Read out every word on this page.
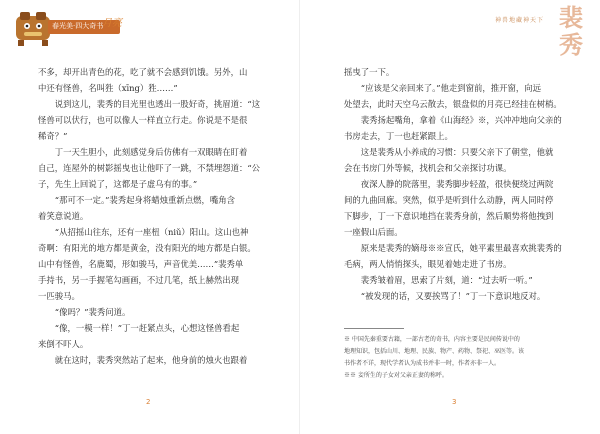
春光美·四大奇书
月亮

不多，却开出青色的花，吃了就不会感到饥饿。另外，山

中还有怪兽，名叫狌（xīng）狌……”

说到这儿，裴秀的目光里也透出一股好奇，挑眉道：“这

怪兽可以伏行，也可以像人一样直立行走。你说是不是很

稀奇？”

丁一天生胆小，此刻感觉身后仿佛有一双眼睛在盯着

自己，连屋外的树影摇曳也让他吓了一跳，不禁埋怨道：“公

子，先生上回说了，这都是子虚乌有的事。”

“那可不一定。”裴秀起身将蜡烛重新点燃，嘴角含

着笑意说道。

“从招摇山往东，还有一座杻（niǔ）阳山。这山也神

奇啊：有阳光的地方都是黄金，没有阳光的地方都是白银。

山中有怪兽，名鹿蜀，形如骏马，声音优美……”裴秀单

手持书，另一手握笔勾画画，不过几笔，纸上赫然出现

一匹骏马。

“像吗？”裴秀问道。

“像，一模一样！”丁一赶紧点头，心想这怪兽看起

来倒不吓人。

就在这时，裴秀突然站了起来，他身前的烛火也跟着

2
神兽地藏神天下 裴秀

摇曳了一下。

“应该是父亲回来了。”他走到窗前，推开窗，向远

处望去，此时天空乌云散去，银盘似的月亮已经挂在树梢。

裴秀扬起嘴角，拿着《山海经》※，兴冲冲地向父亲的

书房走去，丁一也赶紧跟上。

这是裴秀从小养成的习惯：只要父亲下了朝堂，他就

会在书房门外等候，找机会和父亲探讨功课。

夜深人静的院落里，裴秀脚步轻盈，很快便绕过两院

间的九曲回廊。突然，似乎是听到什么动静，两人同时停

下脚步，丁一下意识地挡在裴秀身前，然后顺势将他拽到

一座假山后面。

原来是裴秀的嫡母※※宣氏，她平素里最喜欢挑裴秀的

毛病，两人悄悄探头，眼见着她走进了书房。

裴秀皱着眉，思索了片刻，道：“过去听一听。”

“被发现的话，又要挨骂了！”丁一下意识地反对。

※ 中国先秦重要古籍，一部古老的奇书，内容主要是民间传说中的

地理知识，包括山川、地理、民族、物产、药物、祭祀、巫医等。该

书作者不详，现代学者认为成书并非一时，作者亦非一人。

※※ 妾所生的子女对父亲正妻的称呼。

3
